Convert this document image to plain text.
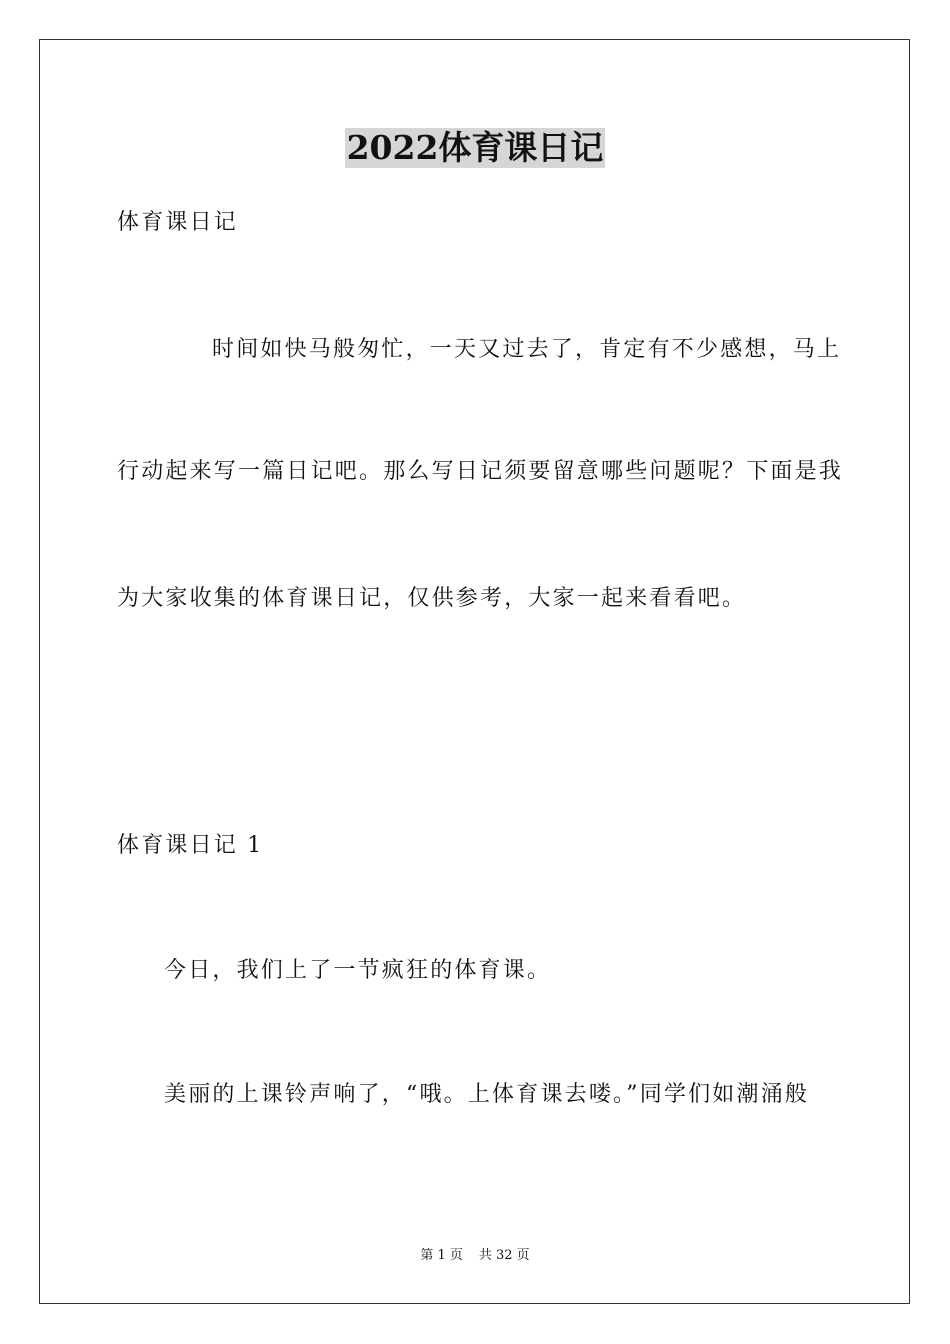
2022体育课日记
体育课日记
时间如快马般匆忙，一天又过去了，肯定有不少感想，马上
行动起来写一篇日记吧。那么写日记须要留意哪些问题呢？下面是我
为大家收集的体育课日记，仅供参考，大家一起来看看吧。
体育课日记 1
今日，我们上了一节疯狂的体育课。
美丽的上课铃声响了，“哦。上体育课去喽。”同学们如潮涌般
第 1 页 共 32 页
